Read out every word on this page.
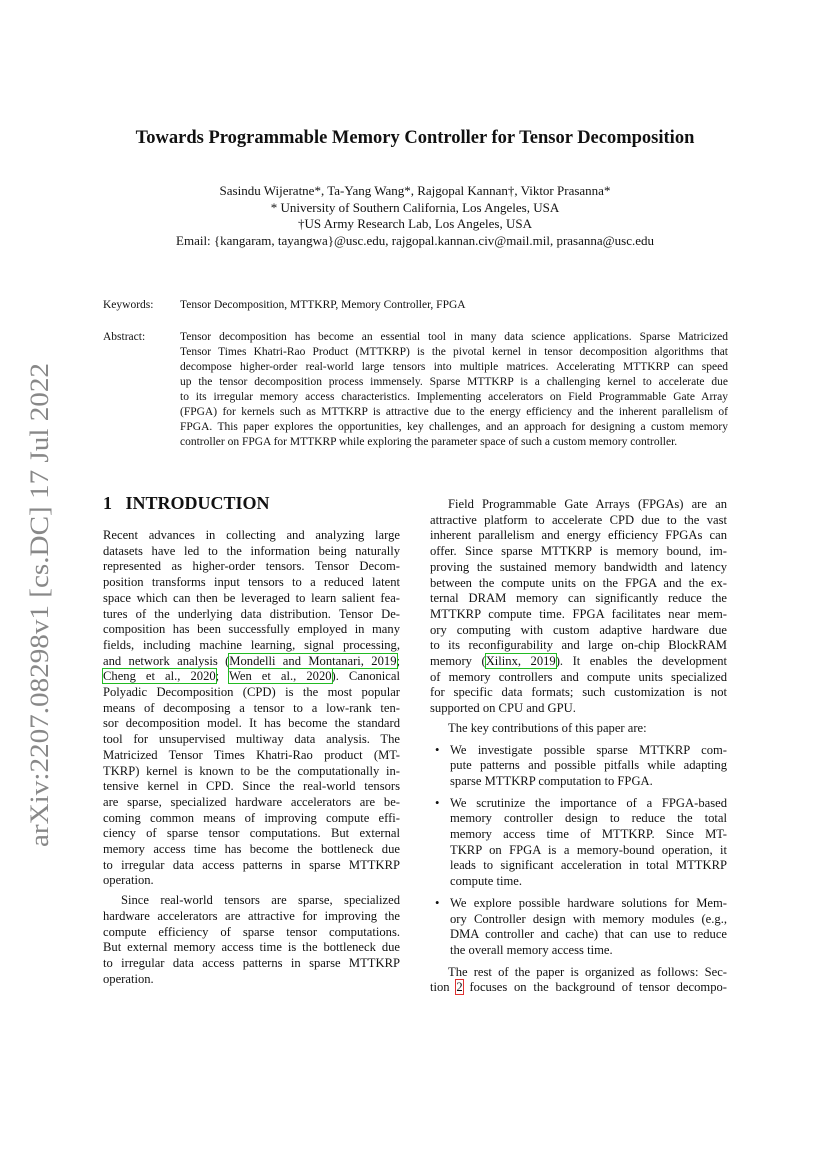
arXiv:2207.08298v1 [cs.DC] 17 Jul 2022
Towards Programmable Memory Controller for Tensor Decomposition
Sasindu Wijeratne*, Ta-Yang Wang*, Rajgopal Kannan†, Viktor Prasanna*
* University of Southern California, Los Angeles, USA
†US Army Research Lab, Los Angeles, USA
Email: {kangaram, tayangwa}@usc.edu, rajgopal.kannan.civ@mail.mil, prasanna@usc.edu
Keywords: Tensor Decomposition, MTTKRP, Memory Controller, FPGA
Abstract:	Tensor decomposition has become an essential tool in many data science applications. Sparse Matricized
Tensor Times Khatri-Rao Product (MTTKRP) is the pivotal kernel in tensor decomposition algorithms that
decompose higher-order real-world large tensors into multiple matrices. Accelerating MTTKRP can speed
up the tensor decomposition process immensely. Sparse MTTKRP is a challenging kernel to accelerate due
to its irregular memory access characteristics. Implementing accelerators on Field Programmable Gate Array
(FPGA) for kernels such as MTTKRP is attractive due to the energy efficiency and the inherent parallelism of
FPGA. This paper explores the opportunities, key challenges, and an approach for designing a custom memory
controller on FPGA for MTTKRP while exploring the parameter space of such a custom memory controller.
1   INTRODUCTION

Recent advances in collecting and analyzing large
datasets have led to the information being naturally
represented as higher-order tensors. Tensor Decom-
position transforms input tensors to a reduced latent
space which can then be leveraged to learn salient fea-
tures of the underlying data distribution. Tensor De-
composition has been successfully employed in many
fields, including machine learning, signal processing,
and network analysis (Mondelli and Montanari, 2019;
Cheng et al., 2020; Wen et al., 2020). Canonical
Polyadic Decomposition (CPD) is the most popular
means of decomposing a tensor to a low-rank ten-
sor decomposition model. It has become the standard
tool for unsupervised multiway data analysis. The
Matricized Tensor Times Khatri-Rao product (MT-
TKRP) kernel is known to be the computationally in-
tensive kernel in CPD. Since the real-world tensors
are sparse, specialized hardware accelerators are be-
coming common means of improving compute effi-
ciency of sparse tensor computations. But external
memory access time has become the bottleneck due
to irregular data access patterns in sparse MTTKRP
operation.

Since real-world tensors are sparse, specialized
hardware accelerators are attractive for improving the
compute efficiency of sparse tensor computations.
But external memory access time is the bottleneck due
to irregular data access patterns in sparse MTTKRP
operation.

Field Programmable Gate Arrays (FPGAs) are an
attractive platform to accelerate CPD due to the vast
inherent parallelism and energy efficiency FPGAs can
offer. Since sparse MTTKRP is memory bound, im-
proving the sustained memory bandwidth and latency
between the compute units on the FPGA and the ex-
ternal DRAM memory can significantly reduce the
MTTKRP compute time. FPGA facilitates near mem-
ory computing with custom adaptive hardware due
to its reconfigurability and large on-chip BlockRAM
memory (Xilinx, 2019). It enables the development
of memory controllers and compute units specialized
for specific data formats; such customization is not
supported on CPU and GPU.

The key contributions of this paper are:

• We investigate possible sparse MTTKRP com-
pute patterns and possible pitfalls while adapting
sparse MTTKRP computation to FPGA.
• We scrutinize the importance of a FPGA-based
memory controller design to reduce the total
memory access time of MTTKRP. Since MT-
TKRP on FPGA is a memory-bound operation, it
leads to significant acceleration in total MTTKRP
compute time.
• We explore possible hardware solutions for Mem-
ory Controller design with memory modules (e.g.,
DMA controller and cache) that can use to reduce
the overall memory access time.

The rest of the paper is organized as follows: Sec-
tion 2 focuses on the background of tensor decompo-
